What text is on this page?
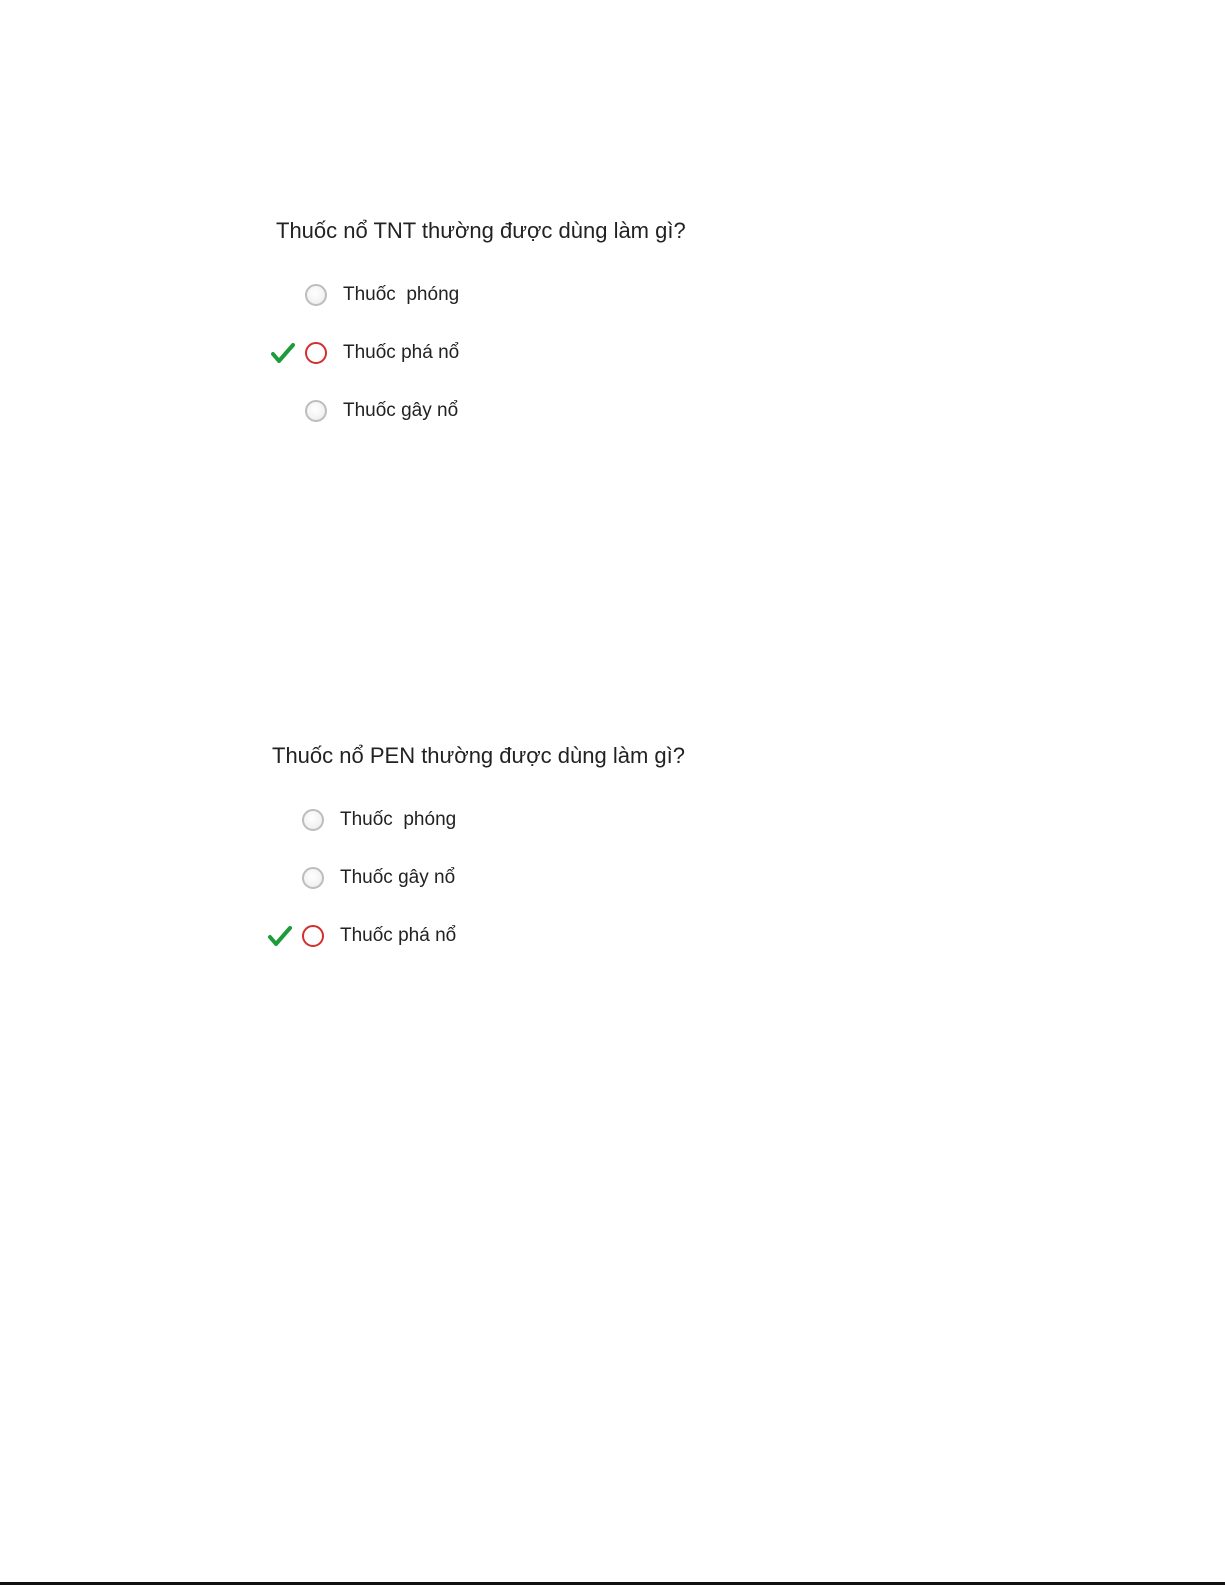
Thuốc nổ TNT thường được dùng làm gì?
Thuốc  phóng
Thuốc phá nổ
Thuốc gây nổ
Thuốc nổ PEN thường được dùng làm gì?
Thuốc  phóng
Thuốc gây nổ
Thuốc phá nổ
